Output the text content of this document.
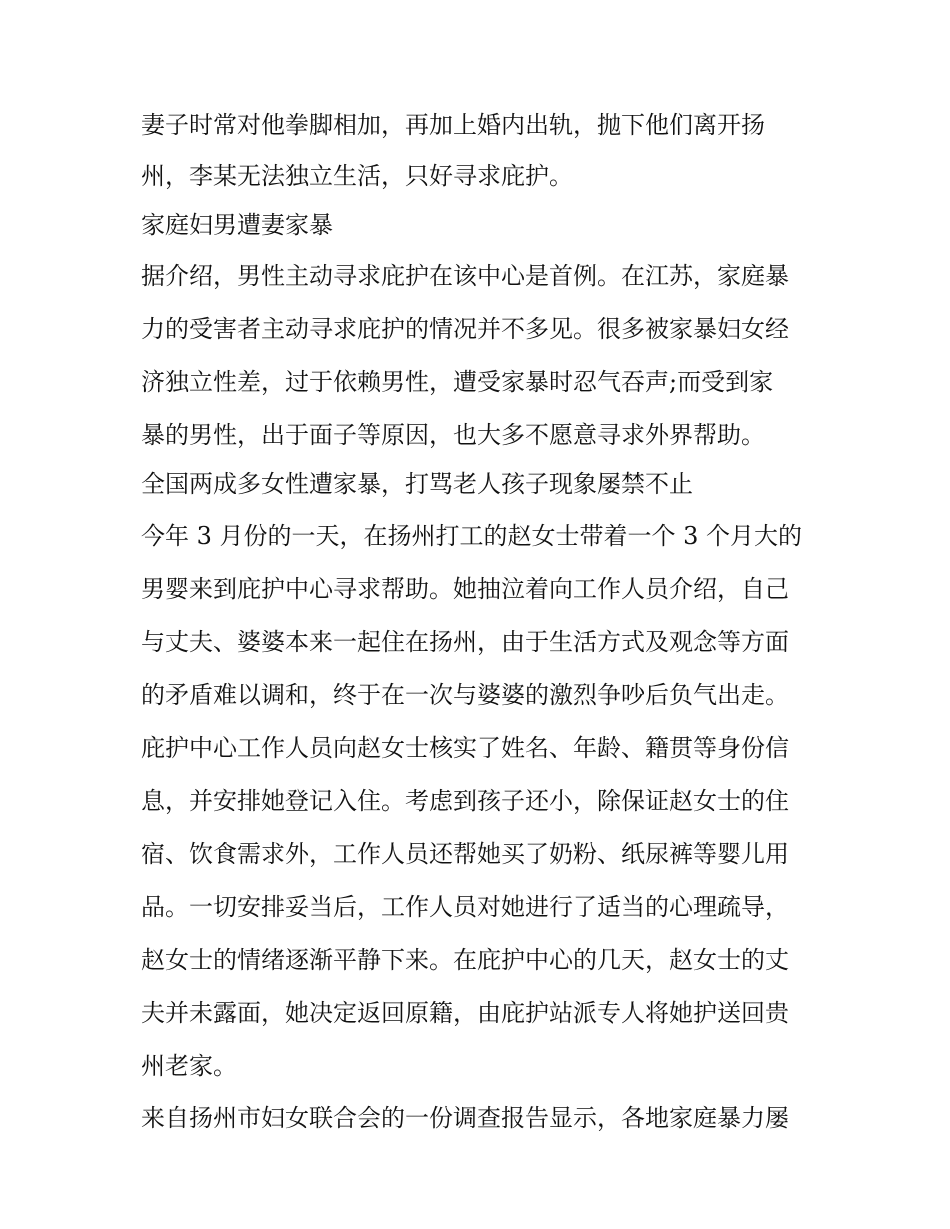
妻子时常对他拳脚相加，再加上婚内出轨，抛下他们离开扬
州，李某无法独立生活，只好寻求庇护。
家庭妇男遭妻家暴
据介绍，男性主动寻求庇护在该中心是首例。在江苏，家庭暴
力的受害者主动寻求庇护的情况并不多见。很多被家暴妇女经
济独立性差，过于依赖男性，遭受家暴时忍气吞声;而受到家
暴的男性，出于面子等原因，也大多不愿意寻求外界帮助。
全国两成多女性遭家暴，打骂老人孩子现象屡禁不止
今年 3 月份的一天，在扬州打工的赵女士带着一个 3 个月大的
男婴来到庇护中心寻求帮助。她抽泣着向工作人员介绍，自己
与丈夫、婆婆本来一起住在扬州，由于生活方式及观念等方面
的矛盾难以调和，终于在一次与婆婆的激烈争吵后负气出走。
庇护中心工作人员向赵女士核实了姓名、年龄、籍贯等身份信
息，并安排她登记入住。考虑到孩子还小，除保证赵女士的住
宿、饮食需求外，工作人员还帮她买了奶粉、纸尿裤等婴儿用
品。一切安排妥当后，工作人员对她进行了适当的心理疏导，
赵女士的情绪逐渐平静下来。在庇护中心的几天，赵女士的丈
夫并未露面，她决定返回原籍，由庇护站派专人将她护送回贵
州老家。
来自扬州市妇女联合会的一份调查报告显示，各地家庭暴力屡
